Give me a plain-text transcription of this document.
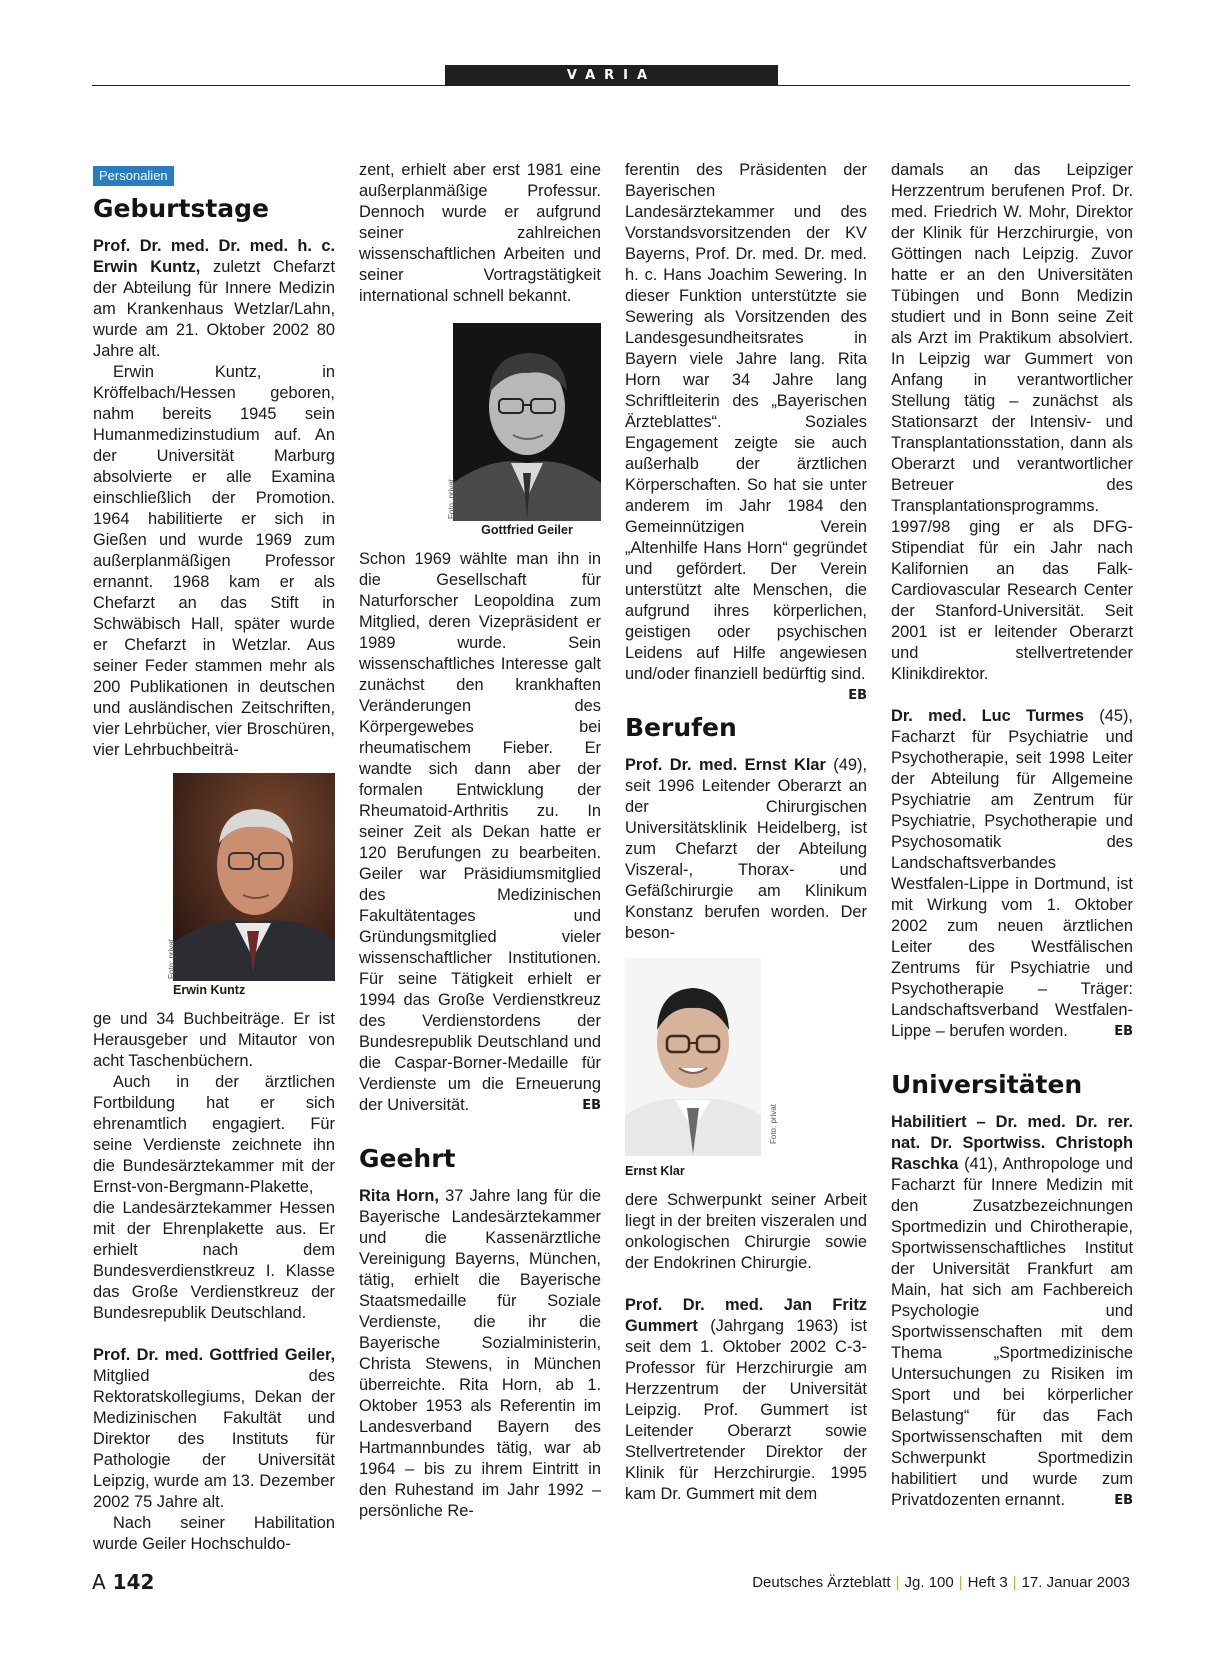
VARIA
Personalien
Geburtstage

Prof. Dr. med. Dr. med. h. c. Erwin Kuntz, zuletzt Chefarzt der Abteilung für Innere Medizin am Krankenhaus Wetzlar/Lahn, wurde am 21. Oktober 2002 80 Jahre alt.

Erwin Kuntz, in Kröffelbach/Hessen geboren, nahm bereits 1945 sein Humanmedizinstudium auf. An der Universität Marburg absolvierte er alle Examina einschließlich der Promotion. 1964 habilitierte er sich in Gießen und wurde 1969 zum außerplanmäßigen Professor ernannt. 1968 kam er als Chefarzt an das Stift in Schwäbisch Hall, später wurde er Chefarzt in Wetzlar. Aus seiner Feder stammen mehr als 200 Publikationen in deutschen und ausländischen Zeitschriften, vier Lehrbücher, vier Broschüren, vier Lehrbuchbeiträ-

Foto: privat
Erwin Kuntz

ge und 34 Buchbeiträge. Er ist Herausgeber und Mitautor von acht Taschenbüchern.

Auch in der ärztlichen Fortbildung hat er sich ehrenamtlich engagiert. Für seine Verdienste zeichnete ihn die Bundesärztekammer mit der Ernst-von-Bergmann-Plakette, die Landesärztekammer Hessen mit der Ehrenplakette aus. Er erhielt nach dem Bundesverdienstkreuz I. Klasse das Große Verdienstkreuz der Bundesrepublik Deutschland.

Prof. Dr. med. Gottfried Geiler, Mitglied des Rektoratskollegiums, Dekan der Medizinischen Fakultät und Direktor des Instituts für Pathologie der Universität Leipzig, wurde am 13. Dezember 2002 75 Jahre alt.

Nach seiner Habilitation wurde Geiler Hochschuldo-

zent, erhielt aber erst 1981 eine außerplanmäßige Professur. Dennoch wurde er aufgrund seiner zahlreichen wissenschaftlichen Arbeiten und seiner Vortragstätigkeit international schnell bekannt.

Foto: privat
Gottfried Geiler

Schon 1969 wählte man ihn in die Gesellschaft für Naturforscher Leopoldina zum Mitglied, deren Vizepräsident er 1989 wurde. Sein wissenschaftliches Interesse galt zunächst den krankhaften Veränderungen des Körpergewebes bei rheumatischem Fieber. Er wandte sich dann aber der formalen Entwicklung der Rheumatoid-Arthritis zu. In seiner Zeit als Dekan hatte er 120 Berufungen zu bearbeiten. Geiler war Präsidiumsmitglied des Medizinischen Fakultätentages und Gründungsmitglied vieler wissenschaftlicher Institutionen. Für seine Tätigkeit erhielt er 1994 das Große Verdienstkreuz des Verdienstordens der Bundesrepublik Deutschland und die Caspar-Borner-Medaille für Verdienste um die Erneuerung der Universität.	EB

Geehrt

Rita Horn, 37 Jahre lang für die Bayerische Landesärztekammer und die Kassenärztliche Vereinigung Bayerns, München, tätig, erhielt die Bayerische Staatsmedaille für Soziale Verdienste, die ihr die Bayerische Sozialministerin, Christa Stewens, in München überreichte. Rita Horn, ab 1. Oktober 1953 als Referentin im Landesverband Bayern des Hartmannbundes tätig, war ab 1964 – bis zu ihrem Eintritt in den Ruhestand im Jahr 1992 – persönliche Re-

ferentin des Präsidenten der Bayerischen Landesärztekammer und des Vorstandsvorsitzenden der KV Bayerns, Prof. Dr. med. Dr. med. h. c. Hans Joachim Sewering. In dieser Funktion unterstützte sie Sewering als Vorsitzenden des Landesgesundheitsrates in Bayern viele Jahre lang. Rita Horn war 34 Jahre lang Schriftleiterin des „Bayerischen Ärzteblattes“. Soziales Engagement zeigte sie auch außerhalb der ärztlichen Körperschaften. So hat sie unter anderem im Jahr 1984 den Gemeinnützigen Verein „Altenhilfe Hans Horn“ gegründet und gefördert. Der Verein unterstützt alte Menschen, die aufgrund ihres körperlichen, geistigen oder psychischen Leidens auf Hilfe angewiesen und/oder finanziell bedürftig sind.
EB

Berufen

Prof. Dr. med. Ernst Klar (49), seit 1996 Leitender Oberarzt an der Chirurgischen Universitätsklinik Heidelberg, ist zum Chefarzt der Abteilung Viszeral-, Thorax- und Gefäßchirurgie am Klinikum Konstanz berufen worden. Der beson-

Foto: privat
Ernst Klar

dere Schwerpunkt seiner Arbeit liegt in der breiten viszeralen und onkologischen Chirurgie sowie der Endokrinen Chirurgie.

Prof. Dr. med. Jan Fritz Gummert (Jahrgang 1963) ist seit dem 1. Oktober 2002 C-3-Professor für Herzchirurgie am Herzzentrum der Universität Leipzig. Prof. Gummert ist Leitender Oberarzt sowie Stellvertretender Direktor der Klinik für Herzchirurgie. 1995 kam Dr. Gummert mit dem

damals an das Leipziger Herzzentrum berufenen Prof. Dr. med. Friedrich W. Mohr, Direktor der Klinik für Herzchirurgie, von Göttingen nach Leipzig. Zuvor hatte er an den Universitäten Tübingen und Bonn Medizin studiert und in Bonn seine Zeit als Arzt im Praktikum absolviert. In Leipzig war Gummert von Anfang in verantwortlicher Stellung tätig – zunächst als Stationsarzt der Intensiv- und Transplantationsstation, dann als Oberarzt und verantwortlicher Betreuer des Transplantationsprogramms. 1997/98 ging er als DFG-Stipendiat für ein Jahr nach Kalifornien an das Falk-Cardiovascular Research Center der Stanford-Universität. Seit 2001 ist er leitender Oberarzt und stellvertretender Klinikdirektor.

Dr. med. Luc Turmes (45), Facharzt für Psychiatrie und Psychotherapie, seit 1998 Leiter der Abteilung für Allgemeine Psychiatrie am Zentrum für Psychiatrie, Psychotherapie und Psychosomatik des Landschaftsverbandes Westfalen-Lippe in Dortmund, ist mit Wirkung vom 1. Oktober 2002 zum neuen ärztlichen Leiter des Westfälischen Zentrums für Psychiatrie und Psychotherapie – Träger: Landschaftsverband Westfalen-Lippe – berufen worden.	EB

Universitäten

Habilitiert – Dr. med. Dr. rer. nat. Dr. Sportwiss. Christoph Raschka (41), Anthropologe und Facharzt für Innere Medizin mit den Zusatzbezeichnungen Sportmedizin und Chirotherapie, Sportwissenschaftliches Institut der Universität Frankfurt am Main, hat sich am Fachbereich Psychologie und Sportwissenschaften mit dem Thema „Sportmedizinische Untersuchungen zu Risiken im Sport und bei körperlicher Belastung“ für das Fach Sportwissenschaften mit dem Schwerpunkt Sportmedizin habilitiert und wurde zum Privatdozenten ernannt.	EB

A 142	Deutsches Ärzteblatt | Jg. 100 | Heft 3 | 17. Januar 2003
